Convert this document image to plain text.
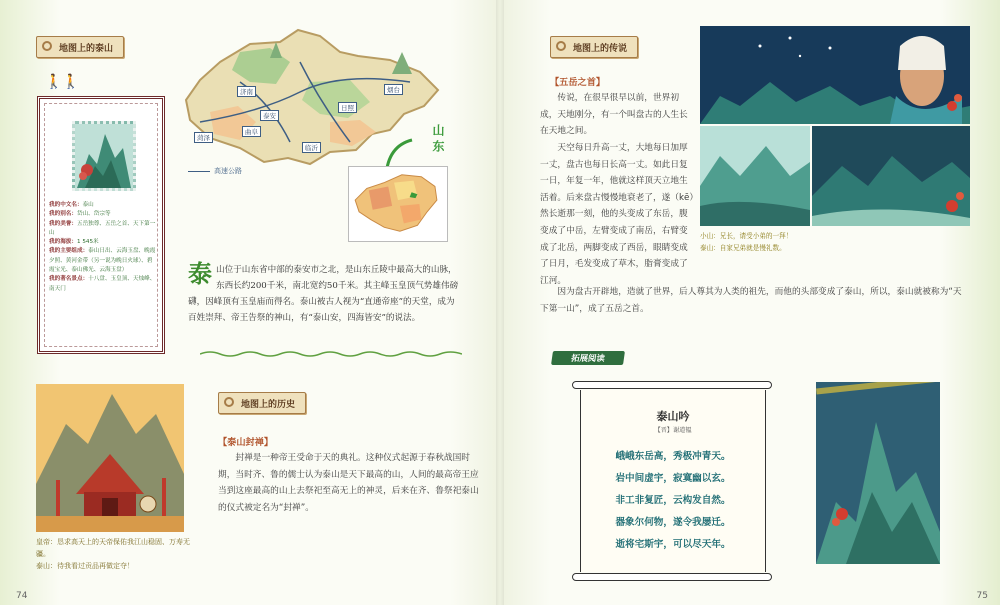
地图上的泰山
我的中文名：泰山
我的别名：岱山、岱宗等
我的美誉：五岳独尊、五岳之首、天下第一山
我的海拔：1 545米
我的主要组成：泰山日出、云海玉盘、晚霞夕照、黄河金带（另一说为晚日火球）、碧霞宝光、泰山佛光、云海玉盘）
我的著名景点：十八盘、玉皇顶、天烛峰、南天门
🚶🚶
济南
泰安
曲阜
日照
临沂
菏泽
烟台
高速公路
山东
泰山位于山东省中部的泰安市之北，是山东丘陵中最高大的山脉，东西长约200千米，南北宽约50千米。其主峰玉皇顶气势雄伟磅礴，因峰顶有玉皇庙而得名。泰山被古人视为“直通帝座”的天堂，成为百姓崇拜、帝王告祭的神山，有“泰山安，四海皆安”的说法。
皇帝：恳求高天上的天帝保佑我江山稳固、万寿无疆。
泰山：待我看过贡品再做定夺！
地图上的历史
【泰山封禅】
封禅是一种帝王受命于天的典礼。这种仪式起源于春秋战国时期，当时齐、鲁的儒士认为泰山是天下最高的山，人间的最高帝王应当到这座最高的山上去祭祀至高无上的神灵，后来在齐、鲁祭祀泰山的仪式被定名为“封禅”。
74
地图上的传说
【五岳之首】
传说，在很早很早以前，世界初成，天地刚分，有一个叫盘古的人生长在天地之间。
天空每日升高一丈，大地每日加厚一丈，盘古也每日长高一丈。如此日复一日，年复一年，他就这样顶天立地生活着。后来盘古慢慢地衰老了，遂（kē）然长逝那一刻，他的头变成了东岳，腹变成了中岳，左臂变成了南岳，右臂变成了北岳，两脚变成了西岳，眼睛变成了日月，毛发变成了草木，脂膏变成了江河。
因为盘古开辟地，造就了世界，后人尊其为人类的祖先，而他的头部变成了泰山，所以，泰山就被称为“天下第一山”，成了五岳之首。
小山：兄长，请受小弟的一拜！
泰山：自家兄弟就是慢礼数。
75
拓展阅读
泰山吟
【晋】谢道韫
峨峨东岳高，秀极冲青天。
岩中间虚宇，寂寞幽以玄。
非工非复匠，云构发自然。
器象尔何物，遂令我屡迁。
逝将宅斯宇，可以尽天年。
